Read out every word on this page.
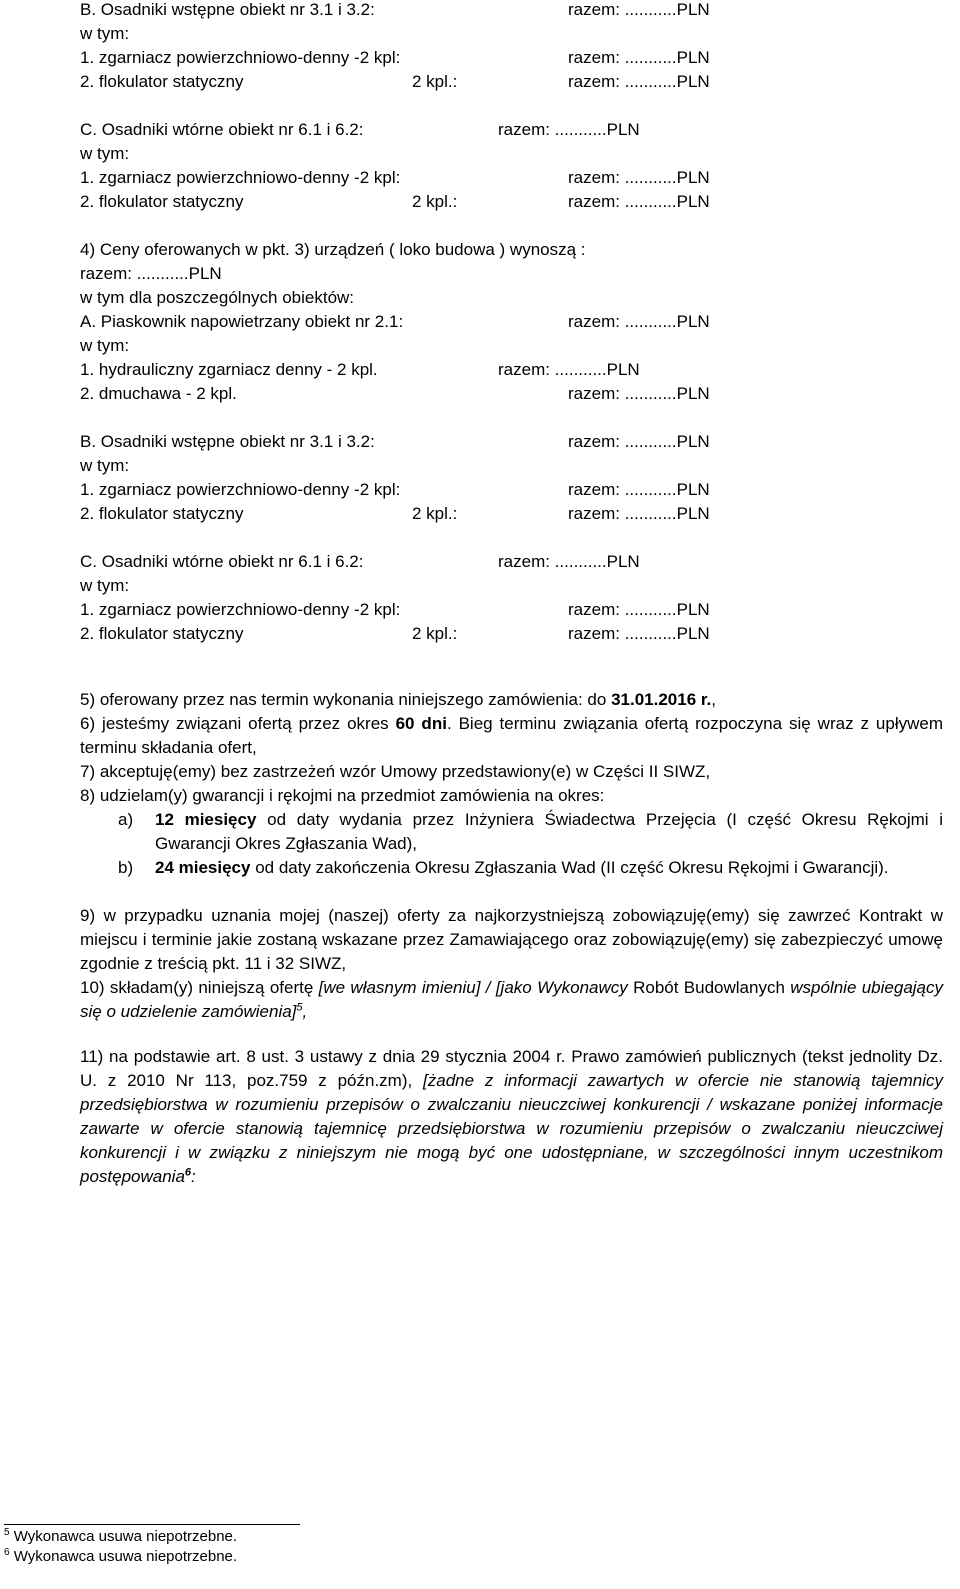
B. Osadniki wstępne obiekt nr 3.1 i 3.2:	razem: ...........PLN
w tym:
1. zgarniacz powierzchniowo-denny -2 kpl:	razem: ...........PLN
2. flokulator statyczny	2 kpl.:	razem: ...........PLN
C. Osadniki wtórne obiekt nr 6.1 i 6.2:	razem: ...........PLN
w tym:
1. zgarniacz powierzchniowo-denny -2 kpl:	razem: ...........PLN
2. flokulator statyczny	2 kpl.:	razem: ...........PLN
4) Ceny oferowanych w pkt. 3) urządzeń ( loko budowa ) wynoszą :
razem: ...........PLN
w tym dla poszczególnych obiektów:
A. Piaskownik napowietrzany obiekt nr 2.1:	razem: ...........PLN
w tym:
1. hydrauliczny zgarniacz denny - 2 kpl.	razem: ...........PLN
2. dmuchawa - 2 kpl.	razem: ...........PLN
B. Osadniki wstępne obiekt nr 3.1 i 3.2:	razem: ...........PLN
w tym:
1. zgarniacz powierzchniowo-denny -2 kpl:	razem: ...........PLN
2. flokulator statyczny	2 kpl.:	razem: ...........PLN
C. Osadniki wtórne obiekt nr 6.1 i 6.2:	razem: ...........PLN
w tym:
1. zgarniacz powierzchniowo-denny -2 kpl:	razem: ...........PLN
2. flokulator statyczny	2 kpl.:	razem: ...........PLN
5) oferowany przez nas termin wykonania niniejszego zamówienia: do 31.01.2016 r.,
6) jesteśmy związani ofertą przez okres 60 dni. Bieg terminu związania ofertą rozpoczyna się wraz z upływem terminu składania ofert,
7) akceptuję(emy) bez zastrzeżeń wzór Umowy przedstawiony(e) w Części II SIWZ,
8) udzielam(y) gwarancji i rękojmi na przedmiot zamówienia na okres:
a) 12 miesięcy od daty wydania przez Inżyniera Świadectwa Przejęcia (I część Okresu Rękojmi i Gwarancji Okres Zgłaszania Wad),
b) 24 miesięcy od daty zakończenia Okresu Zgłaszania Wad (II część Okresu Rękojmi i Gwarancji).
9) w przypadku uznania mojej (naszej) oferty za najkorzystniejszą zobowiązuję(emy) się zawrzeć Kontrakt w miejscu i terminie jakie zostaną wskazane przez Zamawiającego oraz zobowiązuję(emy) się zabezpieczyć umowę zgodnie z treścią pkt. 11 i 32 SIWZ,
10) składam(y) niniejszą ofertę [we własnym imieniu] / [jako Wykonawcy Robót Budowlanych wspólnie ubiegający się o udzielenie zamówienia]$^5$,
11) na podstawie art. 8 ust. 3 ustawy z dnia 29 stycznia 2004 r. Prawo zamówień publicznych (tekst jednolity Dz. U. z 2010 Nr 113, poz.759 z późn.zm), [żadne z informacji zawartych w ofercie nie stanowią tajemnicy przedsiębiorstwa w rozumieniu przepisów o zwalczaniu nieuczciwej konkurencji / wskazane poniżej informacje zawarte w ofercie stanowią tajemnicę przedsiębiorstwa w rozumieniu przepisów o zwalczaniu nieuczciwej konkurencji i w związku z niniejszym nie mogą być one udostępniane, w szczególności innym uczestnikom postępowania$^6$:
$^5$ Wykonawca usuwa niepotrzebne.
$^6$ Wykonawca usuwa niepotrzebne.
